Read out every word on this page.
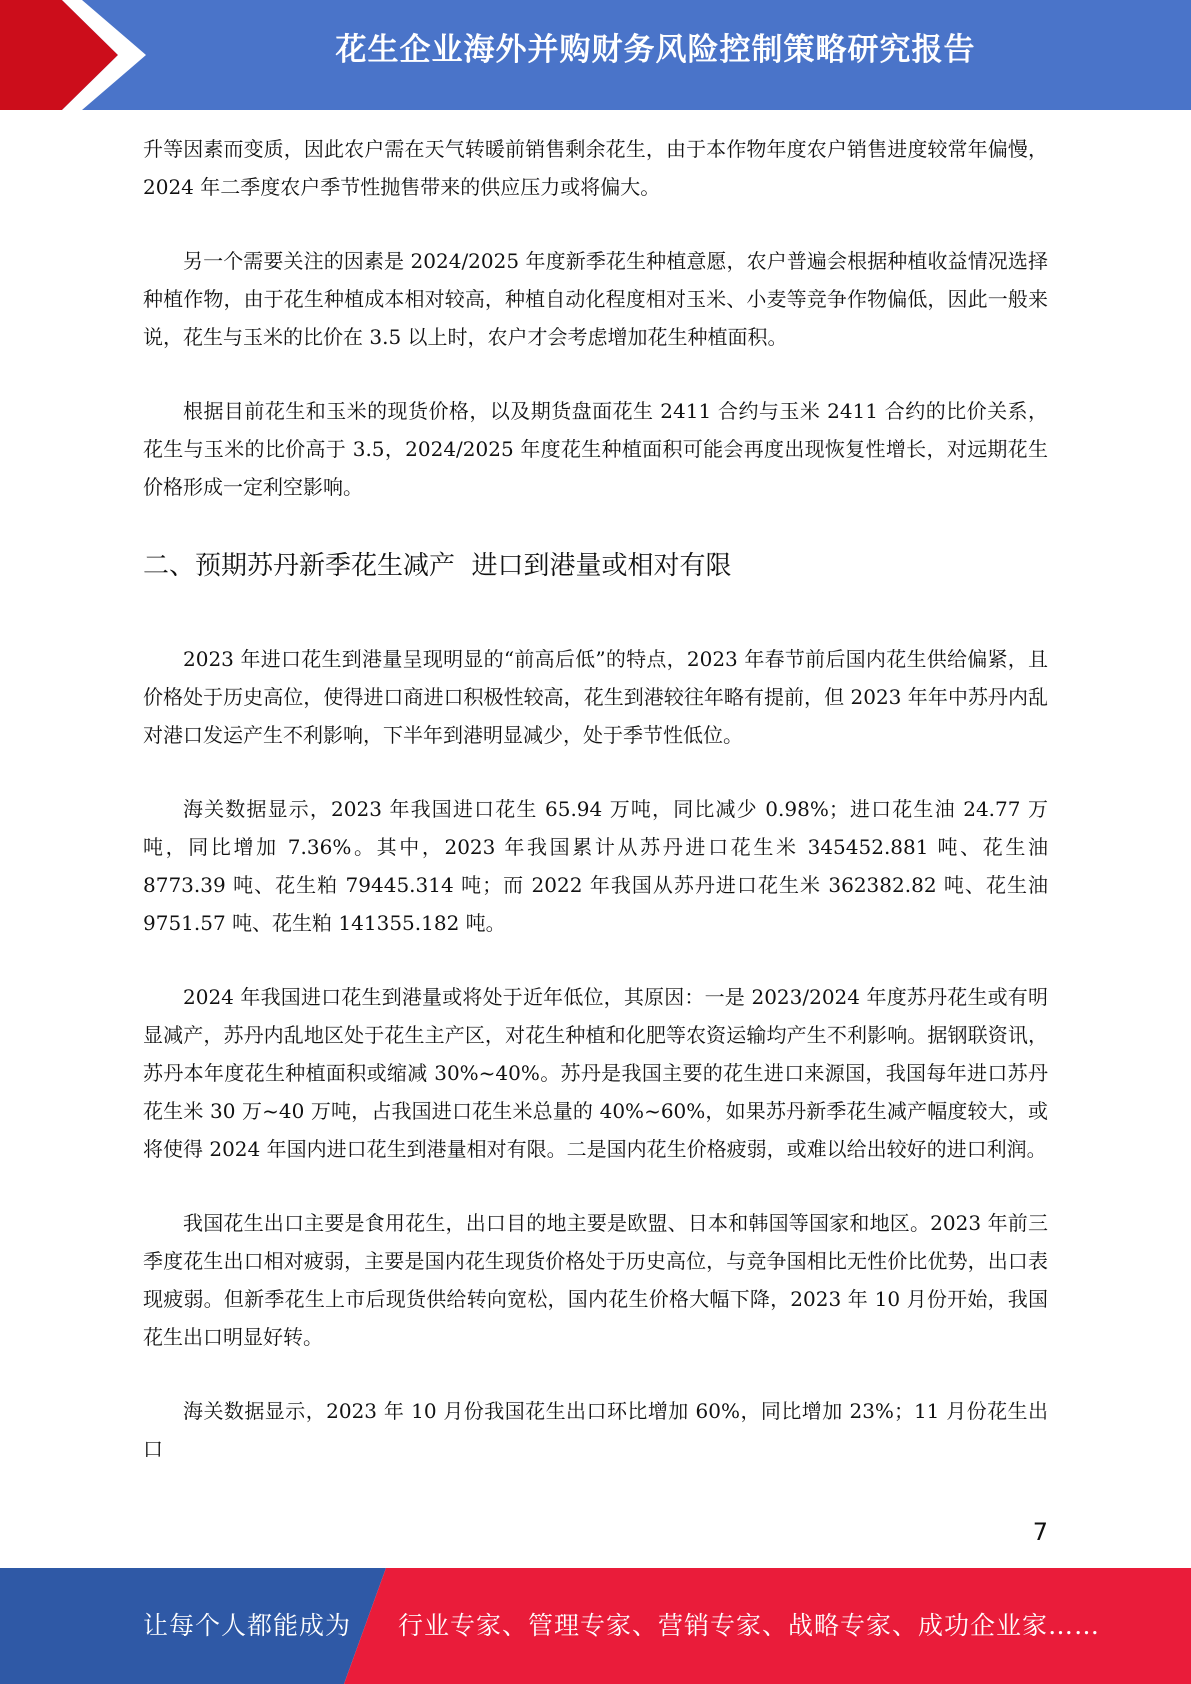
花生企业海外并购财务风险控制策略研究报告

升等因素而变质，因此农户需在天气转暖前销售剩余花生，由于本作物年度农户销售进度较常年偏慢，2024 年二季度农户季节性抛售带来的供应压力或将偏大。

另一个需要关注的因素是 2024/2025 年度新季花生种植意愿，农户普遍会根据种植收益情况选择种植作物，由于花生种植成本相对较高，种植自动化程度相对玉米、小麦等竞争作物偏低，因此一般来说，花生与玉米的比价在 3.5 以上时，农户才会考虑增加花生种植面积。

根据目前花生和玉米的现货价格，以及期货盘面花生 2411 合约与玉米 2411 合约的比价关系，花生与玉米的比价高于 3.5，2024/2025 年度花生种植面积可能会再度出现恢复性增长，对远期花生价格形成一定利空影响。

二、预期苏丹新季花生减产  进口到港量或相对有限

2023 年进口花生到港量呈现明显的“前高后低”的特点，2023 年春节前后国内花生供给偏紧，且价格处于历史高位，使得进口商进口积极性较高，花生到港较往年略有提前，但 2023 年年中苏丹内乱对港口发运产生不利影响，下半年到港明显减少，处于季节性低位。

海关数据显示，2023 年我国进口花生 65.94 万吨，同比减少 0.98%；进口花生油 24.77 万吨，同比增加 7.36%。其中，2023 年我国累计从苏丹进口花生米 345452.881 吨、花生油 8773.39 吨、花生粕 79445.314 吨；而 2022 年我国从苏丹进口花生米 362382.82 吨、花生油 9751.57 吨、花生粕 141355.182 吨。

2024 年我国进口花生到港量或将处于近年低位，其原因：一是 2023/2024 年度苏丹花生或有明显减产，苏丹内乱地区处于花生主产区，对花生种植和化肥等农资运输均产生不利影响。据钢联资讯，苏丹本年度花生种植面积或缩减 30%~40%。苏丹是我国主要的花生进口来源国，我国每年进口苏丹花生米 30 万~40 万吨，占我国进口花生米总量的 40%~60%，如果苏丹新季花生减产幅度较大，或将使得 2024 年国内进口花生到港量相对有限。二是国内花生价格疲弱，或难以给出较好的进口利润。

我国花生出口主要是食用花生，出口目的地主要是欧盟、日本和韩国等国家和地区。2023 年前三季度花生出口相对疲弱，主要是国内花生现货价格处于历史高位，与竞争国相比无性价比优势，出口表现疲弱。但新季花生上市后现货供给转向宽松，国内花生价格大幅下降，2023 年 10 月份开始，我国花生出口明显好转。

海关数据显示，2023 年 10 月份我国花生出口环比增加 60%，同比增加 23%；11 月份花生出口

7
让每个人都能成为 行业专家、管理专家、营销专家、战略专家、成功企业家……
